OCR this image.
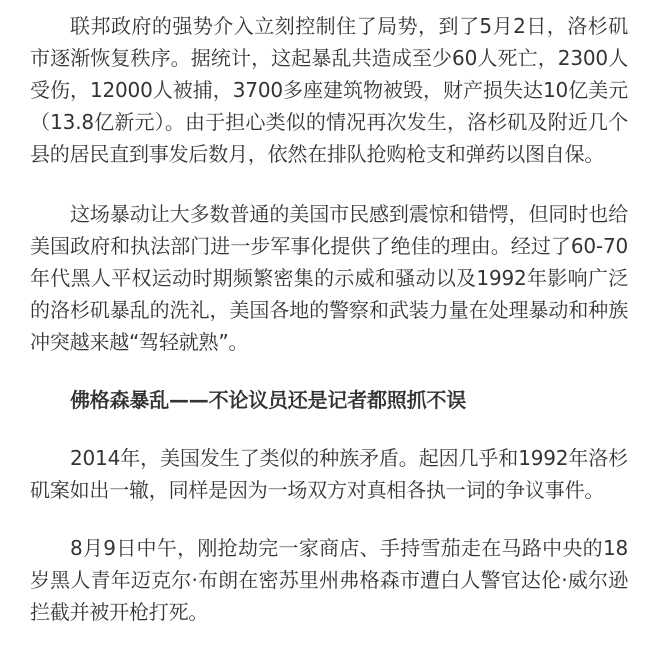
联邦政府的强势介入立刻控制住了局势，到了5月2日，洛杉矶市逐渐恢复秩序。据统计，这起暴乱共造成至少60人死亡，2300人受伤，12000人被捕，3700多座建筑物被毁，财产损失达10亿美元（13.8亿新元）。由于担心类似的情况再次发生，洛杉矶及附近几个县的居民直到事发后数月，依然在排队抢购枪支和弹药以图自保。

这场暴动让大多数普通的美国市民感到震惊和错愕，但同时也给美国政府和执法部门进一步军事化提供了绝佳的理由。经过了60-70年代黑人平权运动时期频繁密集的示威和骚动以及1992年影响广泛的洛杉矶暴乱的洗礼，美国各地的警察和武装力量在处理暴动和种族冲突越来越“驾轻就熟”。

佛格森暴乱——不论议员还是记者都照抓不误

2014年，美国发生了类似的种族矛盾。起因几乎和1992年洛杉矶案如出一辙，同样是因为一场双方对真相各执一词的争议事件。

8月9日中午，刚抢劫完一家商店、手持雪茄走在马路中央的18岁黑人青年迈克尔·布朗在密苏里州弗格森市遭白人警官达伦·威尔逊拦截并被开枪打死。
